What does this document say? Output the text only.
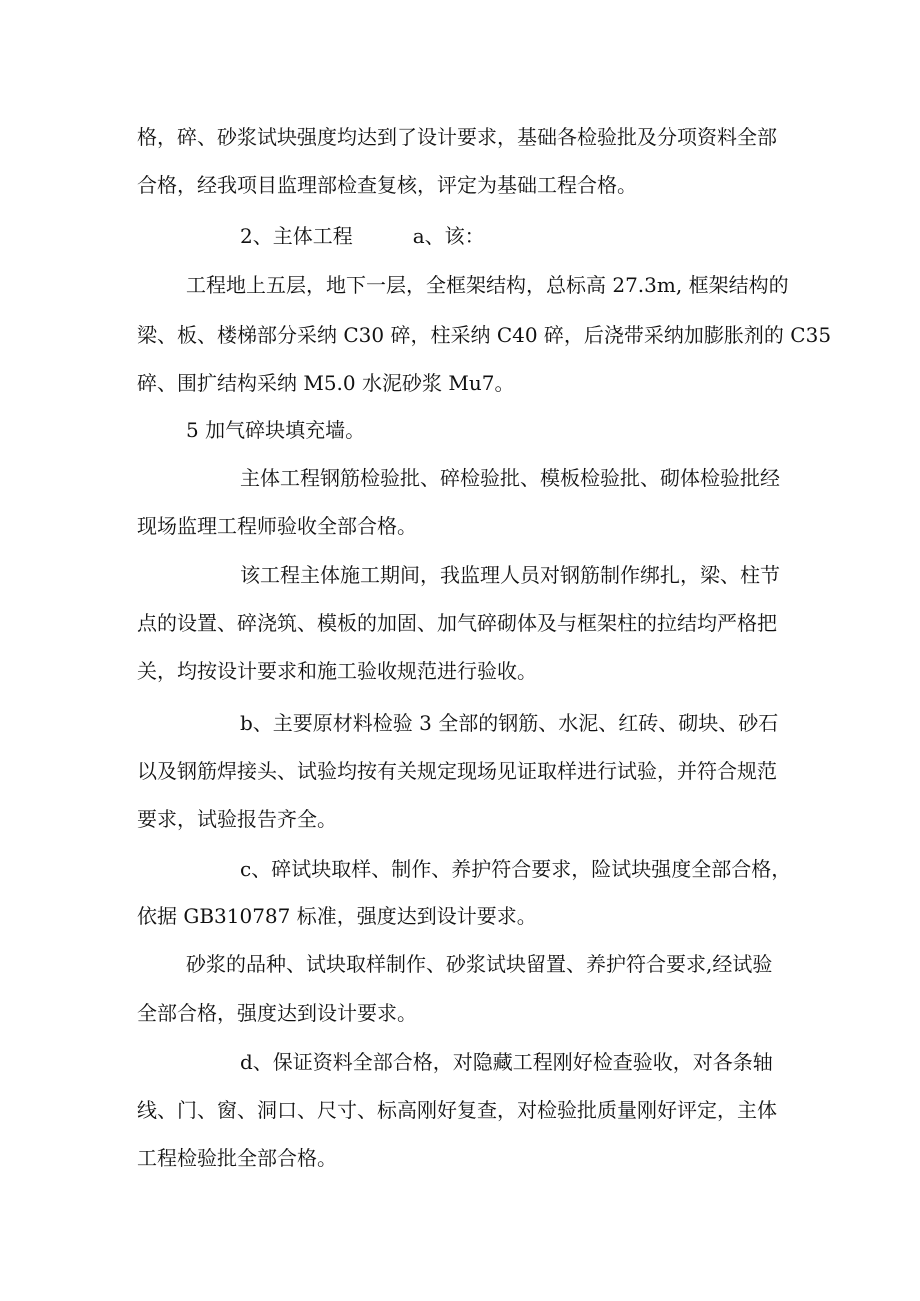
格，碎、砂浆试块强度均达到了设计要求，基础各检验批及分项资料全部
合格，经我项目监理部检查复核，评定为基础工程合格。
2、主体工程　　　a、该：
工程地上五层，地下一层，全框架结构，总标高 27.3m, 框架结构的
梁、板、楼梯部分采纳 C30 碎，柱采纳 C40 碎，后浇带采纳加膨胀剂的 C35
碎、围扩结构采纳 M5.0 水泥砂浆 Mu7。
5 加气碎块填充墙。
主体工程钢筋检验批、碎检验批、模板检验批、砌体检验批经
现场监理工程师验收全部合格。
该工程主体施工期间，我监理人员对钢筋制作绑扎，梁、柱节
点的设置、碎浇筑、模板的加固、加气碎砌体及与框架柱的拉结均严格把
关，均按设计要求和施工验收规范进行验收。
b、主要原材料检验 3 全部的钢筋、水泥、红砖、砌块、砂石
以及钢筋焊接头、试验均按有关规定现场见证取样进行试验，并符合规范
要求，试验报告齐全。
c、碎试块取样、制作、养护符合要求，险试块强度全部合格，
依据 GB310787 标准，强度达到设计要求。
砂浆的品种、试块取样制作、砂浆试块留置、养护符合要求,经试验
全部合格，强度达到设计要求。
d、保证资料全部合格，对隐藏工程刚好检查验收，对各条轴
线、门、窗、洞口、尺寸、标高刚好复查，对检验批质量刚好评定，主体
工程检验批全部合格。
